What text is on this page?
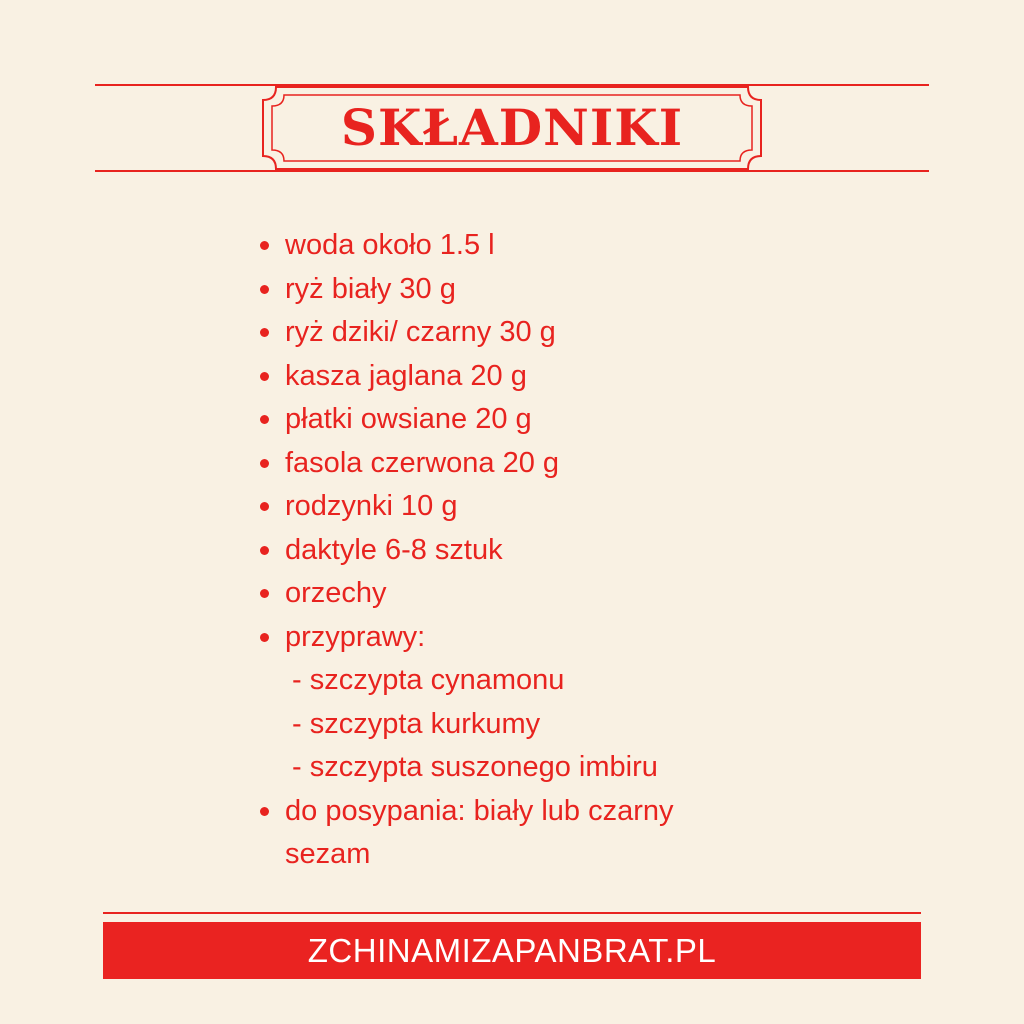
SKŁADNIKI
woda około 1.5 l
ryż biały 30 g
ryż dziki/ czarny 30 g
kasza jaglana 20 g
płatki owsiane 20 g
fasola czerwona 20 g
rodzynki 10 g
daktyle 6-8 sztuk
orzechy
przyprawy:
- szczypta cynamonu
- szczypta kurkumy
- szczypta suszonego imbiru
do posypania: biały lub czarny
sezam
ZCHINAMIZAPANBRAT.PL
